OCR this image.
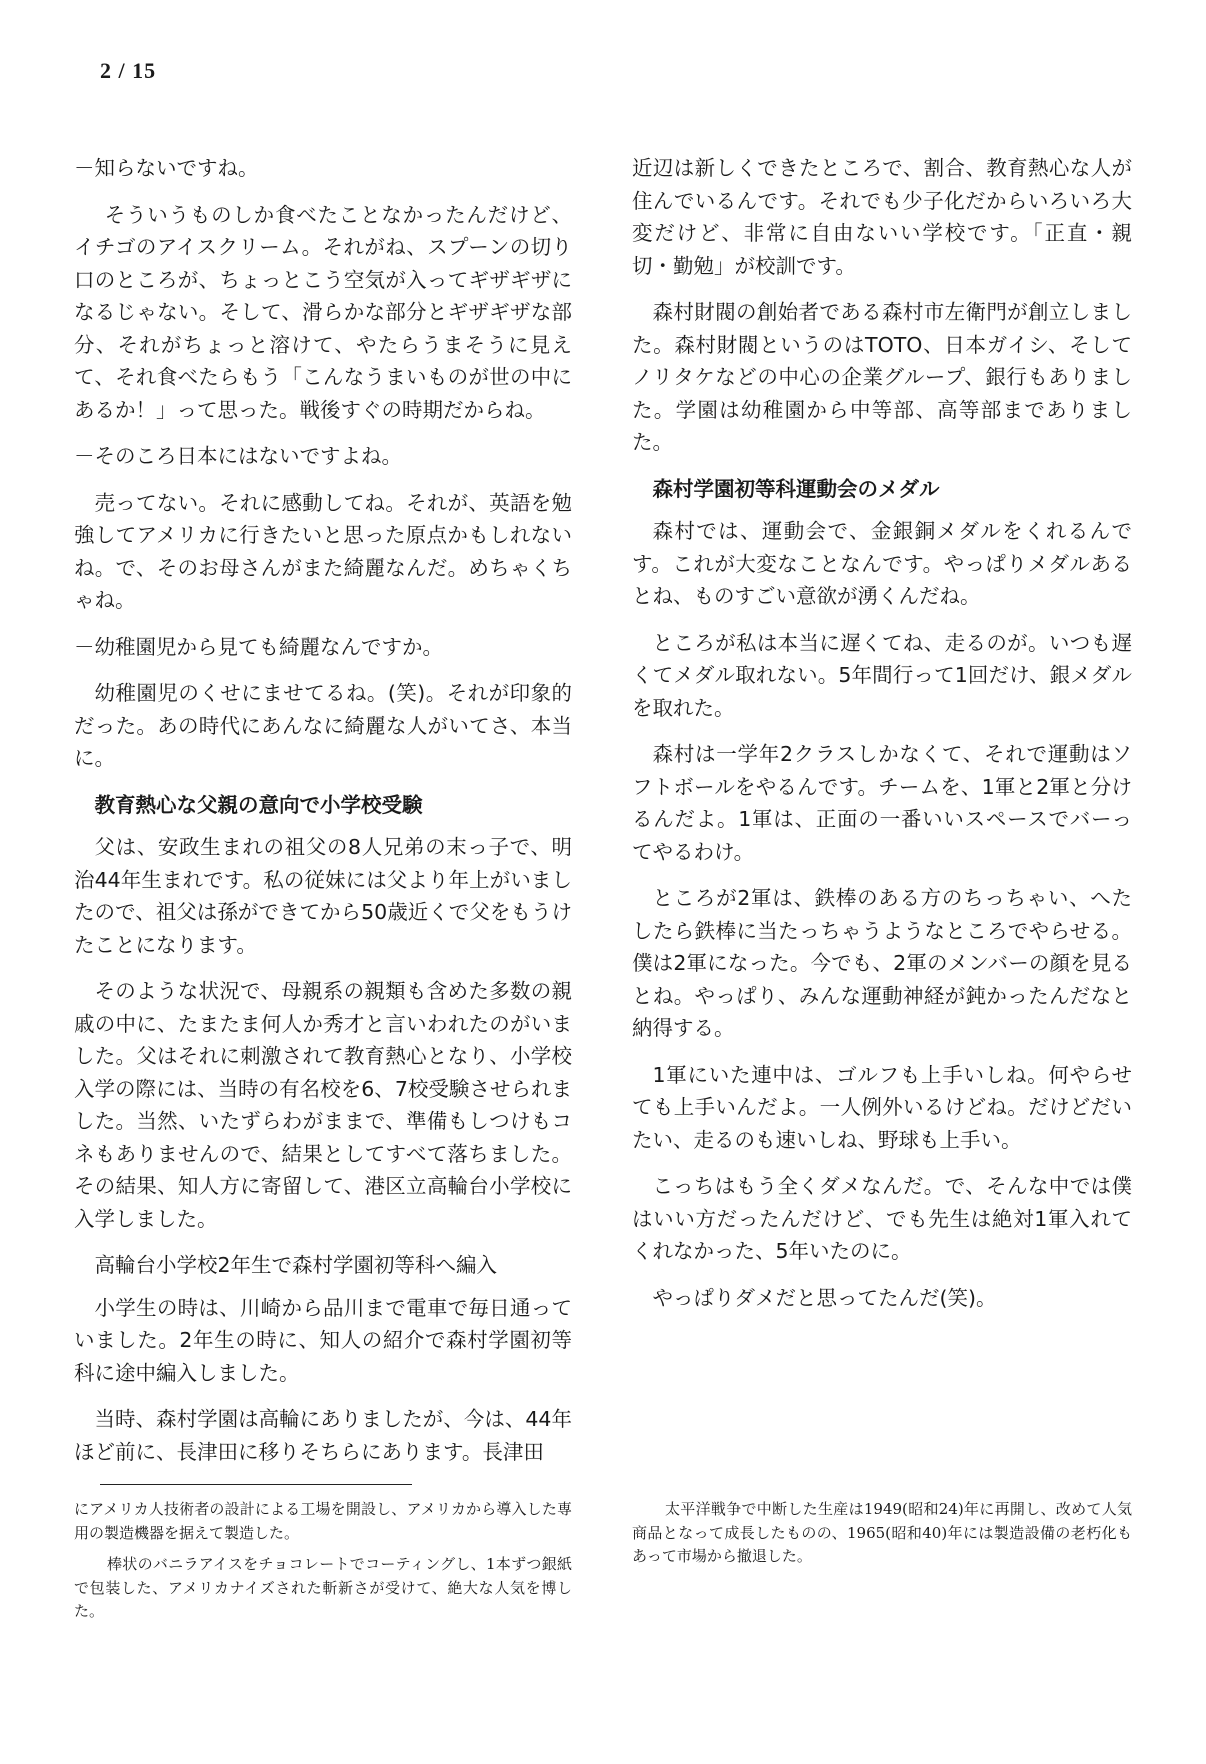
2 / 15

－知らないですね。

そういうものしか食べたことなかったんだけど、イチゴのアイスクリーム。それがね、スプーンの切り口のところが、ちょっとこう空気が入ってギザギザになるじゃない。そして、滑らかな部分とギザギザな部分、それがちょっと溶けて、やたらうまそうに見えて、それ食べたらもう「こんなうまいものが世の中にあるか！」って思った。戦後すぐの時期だからね。

－そのころ日本にはないですよね。

売ってない。それに感動してね。それが、英語を勉強してアメリカに行きたいと思った原点かもしれないね。で、そのお母さんがまた綺麗なんだ。めちゃくちゃね。

－幼稚園児から見ても綺麗なんですか。

幼稚園児のくせにませてるね。(笑)。それが印象的だった。あの時代にあんなに綺麗な人がいてさ、本当に。

教育熱心な父親の意向で小学校受験

父は、安政生まれの祖父の8人兄弟の末っ子で、明治44年生まれです。私の従妹には父より年上がいましたので、祖父は孫ができてから50歳近くで父をもうけたことになります。

そのような状況で、母親系の親類も含めた多数の親戚の中に、たまたま何人か秀才と言いわれたのがいました。父はそれに刺激されて教育熱心となり、小学校入学の際には、当時の有名校を6、7校受験させられました。当然、いたずらわがままで、準備もしつけもコネもありませんので、結果としてすべて落ちました。その結果、知人方に寄留して、港区立高輪台小学校に入学しました。

高輪台小学校2年生で森村学園初等科へ編入

小学生の時は、川崎から品川まで電車で毎日通っていました。2年生の時に、知人の紹介で森村学園初等科に途中編入しました。

当時、森村学園は高輪にありましたが、今は、44年ほど前に、長津田に移りそちらにあります。長津田

近辺は新しくできたところで、割合、教育熱心な人が住んでいるんです。それでも少子化だからいろいろ大変だけど、非常に自由ないい学校です。「正直・親切・勤勉」が校訓です。

森村財閥の創始者である森村市左衛門が創立しました。森村財閥というのはTOTO、日本ガイシ、そしてノリタケなどの中心の企業グループ、銀行もありました。学園は幼稚園から中等部、高等部までありました。

森村学園初等科運動会のメダル

森村では、運動会で、金銀銅メダルをくれるんです。これが大変なことなんです。やっぱりメダルあるとね、ものすごい意欲が湧くんだね。

ところが私は本当に遅くてね、走るのが。いつも遅くてメダル取れない。5年間行って1回だけ、銀メダルを取れた。

森村は一学年2クラスしかなくて、それで運動はソフトボールをやるんです。チームを、1軍と2軍と分けるんだよ。1軍は、正面の一番いいスペースでバーってやるわけ。

ところが2軍は、鉄棒のある方のちっちゃい、へたしたら鉄棒に当たっちゃうようなところでやらせる。僕は2軍になった。今でも、2軍のメンバーの顔を見るとね。やっぱり、みんな運動神経が鈍かったんだなと納得する。

1軍にいた連中は、ゴルフも上手いしね。何やらせても上手いんだよ。一人例外いるけどね。だけどだいたい、走るのも速いしね、野球も上手い。

こっちはもう全くダメなんだ。で、そんな中では僕はいい方だったんだけど、でも先生は絶対1軍入れてくれなかった、5年いたのに。

やっぱりダメだと思ってたんだ(笑)。

にアメリカ人技術者の設計による工場を開設し、アメリカから導入した専用の製造機器を据えて製造した。

棒状のバニラアイスをチョコレートでコーティングし、1本ずつ銀紙で包装した、アメリカナイズされた斬新さが受けて、絶大な人気を博した。

太平洋戦争で中断した生産は1949(昭和24)年に再開し、改めて人気商品となって成長したものの、1965(昭和40)年には製造設備の老朽化もあって市場から撤退した。
